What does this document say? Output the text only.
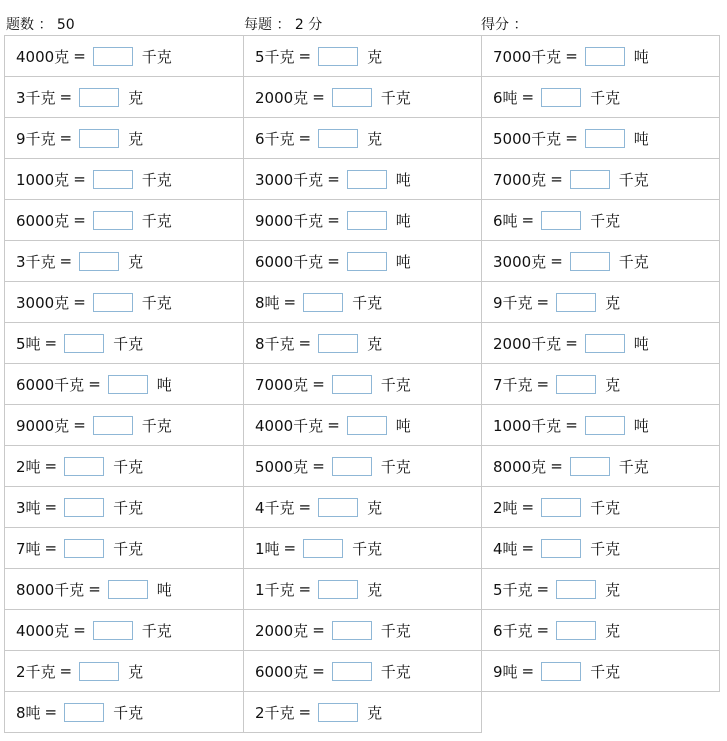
题数 ： 50	每题 ： 2 分	得分 ：
4000克 =	千克	5千克 =	克	7000千克 =	吨
3千克 =	克	2000克 =	千克	6吨 =	千克
9千克 =	克	6千克 =	克	5000千克 =	吨
1000克 =	千克	3000千克 =	吨	7000克 =	千克
6000克 =	千克	9000千克 =	吨	6吨 =	千克
3千克 =	克	6000千克 =	吨	3000克 =	千克
3000克 =	千克	8吨 =	千克	9千克 =	克
5吨 =	千克	8千克 =	克	2000千克 =	吨
6000千克 =	吨	7000克 =	千克	7千克 =	克
9000克 =	千克	4000千克 =	吨	1000千克 =	吨
2吨 =	千克	5000克 =	千克	8000克 =	千克
3吨 =	千克	4千克 =	克	2吨 =	千克
7吨 =	千克	1吨 =	千克	4吨 =	千克
8000千克 =	吨	1千克 =	克	5千克 =	克
4000克 =	千克	2000克 =	千克	6千克 =	克
2千克 =	克	6000克 =	千克	9吨 =	千克
8吨 =	千克	2千克 =	克
